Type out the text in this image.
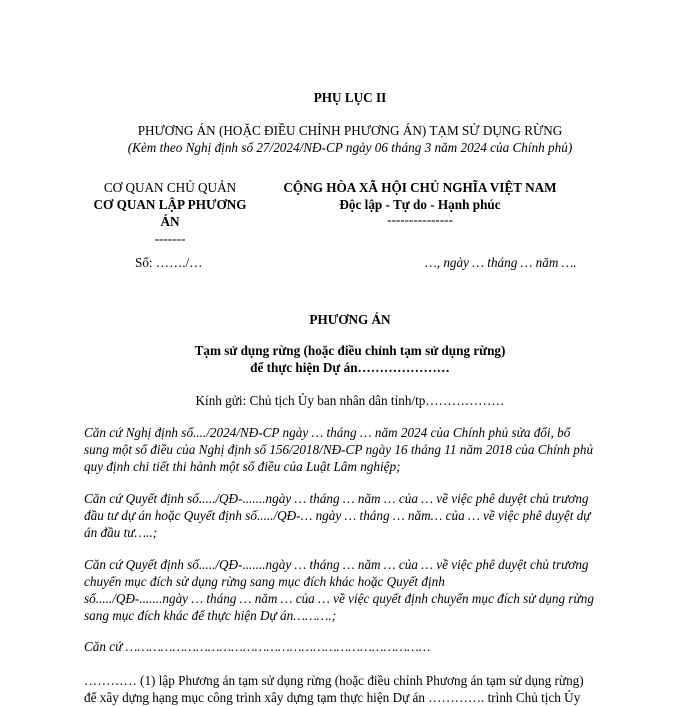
PHỤ LỤC II
PHƯƠNG ÁN (HOẶC ĐIỀU CHỈNH PHƯƠNG ÁN) TẠM SỬ DỤNG RỪNG
(Kèm theo Nghị định số 27/2024/NĐ-CP ngày 06 tháng 3 năm 2024 của Chính phủ)
CƠ QUAN CHỦ QUẢN
CƠ QUAN LẬP PHƯƠNG
ÁN
-------
Số: ……./…
CỘNG HÒA XÃ HỘI CHỦ NGHĨA VIỆT NAM
Độc lập - Tự do - Hạnh phúc
---------------
…, ngày … tháng … năm ….
PHƯƠNG ÁN
Tạm sử dụng rừng (hoặc điều chỉnh tạm sử dụng rừng)
để thực hiện Dự án…………………
Kính gửi: Chủ tịch Ủy ban nhân dân tỉnh/tp………………
Căn cứ Nghị định số..../2024/NĐ-CP ngày … tháng … năm 2024 của Chính phủ sửa đổi, bổ
sung một số điều của Nghị định số 156/2018/NĐ-CP ngày 16 tháng 11 năm 2018 của Chính phủ
quy định chi tiết thi hành một số điều của Luật Lâm nghiệp;
Căn cứ Quyết định số...../QĐ-.......ngày … tháng … năm … của … về việc phê duyệt chủ trương
đầu tư dự án hoặc Quyết định số...../QĐ-… ngày … tháng … năm… của … về việc phê duyệt dự
án đầu tư…..;
Căn cứ Quyết định số...../QĐ-.......ngày … tháng … năm … của … về việc phê duyệt chủ trương
chuyển mục đích sử dụng rừng sang mục đích khác hoặc Quyết định
số...../QĐ-.......ngày … tháng … năm … của … về việc quyết định chuyển mục đích sử dụng rừng
sang mục đích khác để thực hiện Dự án……….;
Căn cứ ……………………………………………………………………
………… (1) lập Phương án tạm sử dụng rừng (hoặc điều chỉnh Phương án tạm sử dụng rừng)
để xây dựng hạng mục công trình xây dựng tạm thực hiện Dự án …………. trình Chủ tịch Ủy
